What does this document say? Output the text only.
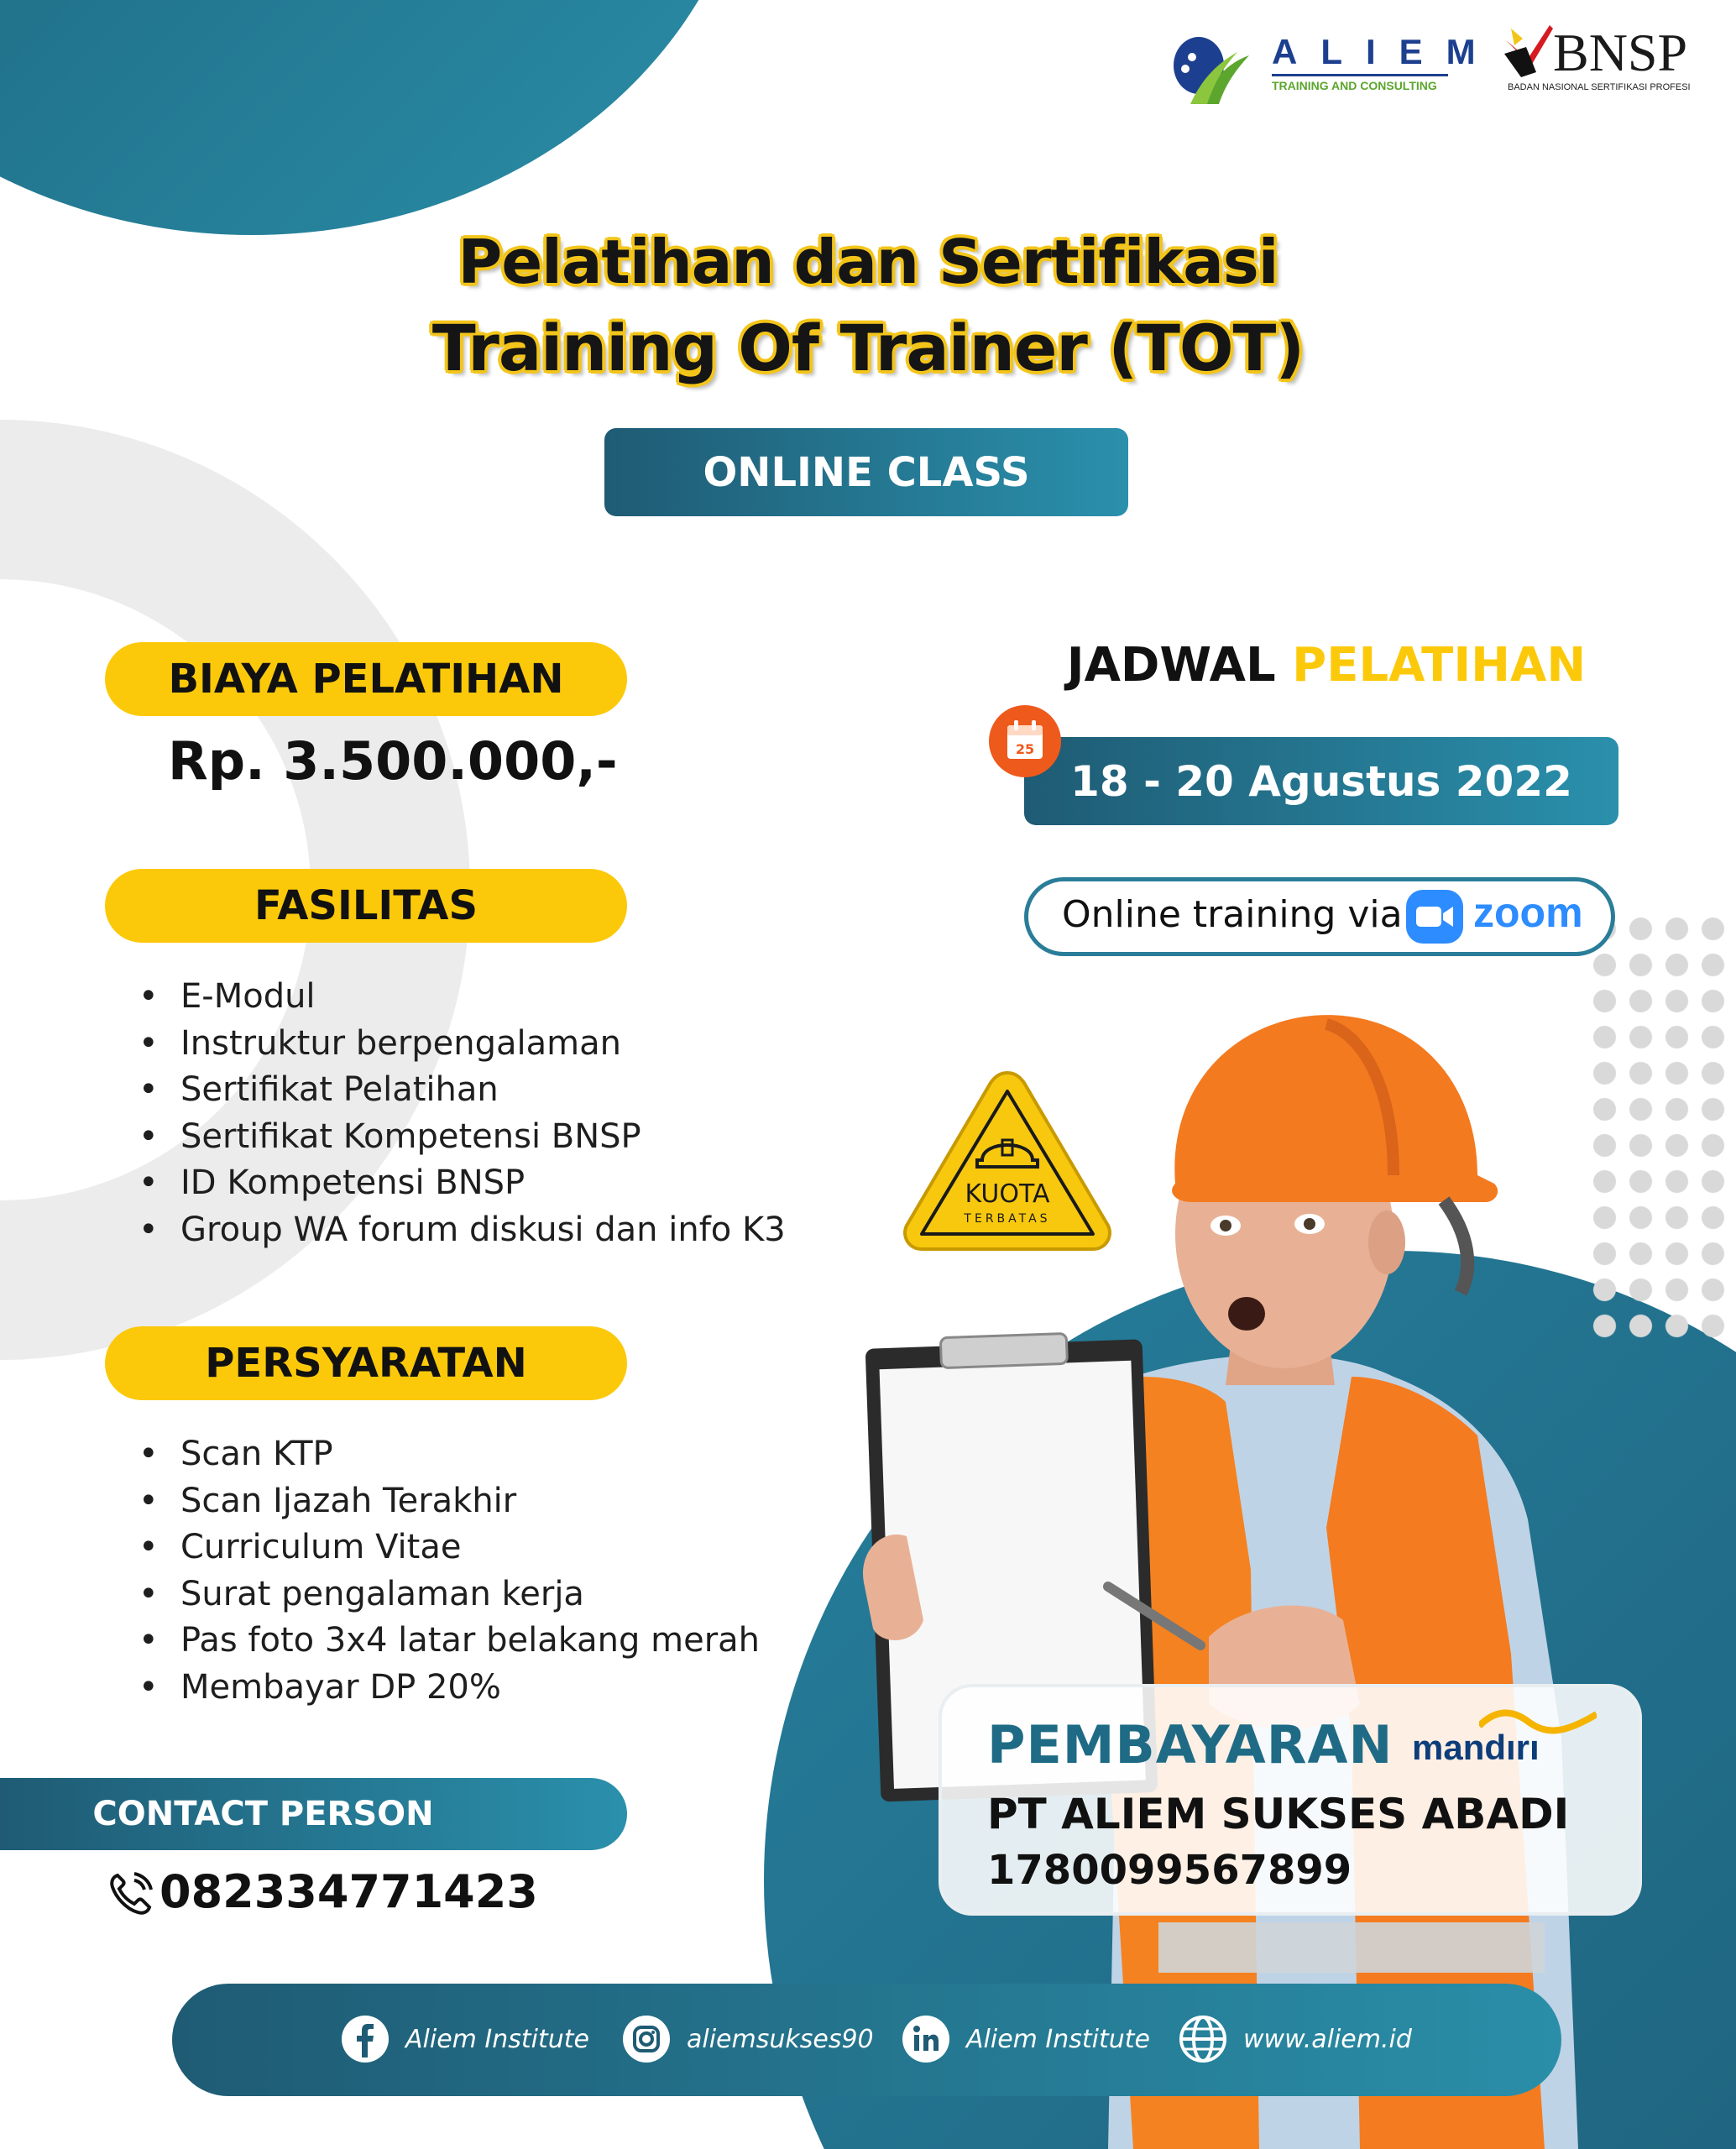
ALIEM
TRAINING AND CONSULTING
BNSP
BADAN NASIONAL SERTIFIKASI PROFESI
Pelatihan dan Sertifikasi
Training Of Trainer (TOT)
ONLINE CLASS
BIAYA PELATIHAN
Rp. 3.500.000,-
FASILITAS
• E-Modul
• Instruktur berpengalaman
• Sertifikat Pelatihan
• Sertifikat Kompetensi BNSP
• ID Kompetensi BNSP
• Group WA forum diskusi dan info K3
PERSYARATAN
• Scan KTP
• Scan Ijazah Terakhir
• Curriculum Vitae
• Surat pengalaman kerja
• Pas foto 3x4 latar belakang merah
• Membayar DP 20%
CONTACT PERSON
082334771423
JADWAL PELATIHAN
18 - 20 Agustus 2022
25
Online training via zoom
KUOTA
TERBATAS
PEMBAYARAN mandırı
PT ALIEM SUKSES ABADI
1780099567899
Aliem Institute	aliemsukses90	Aliem Institute	www.aliem.id
